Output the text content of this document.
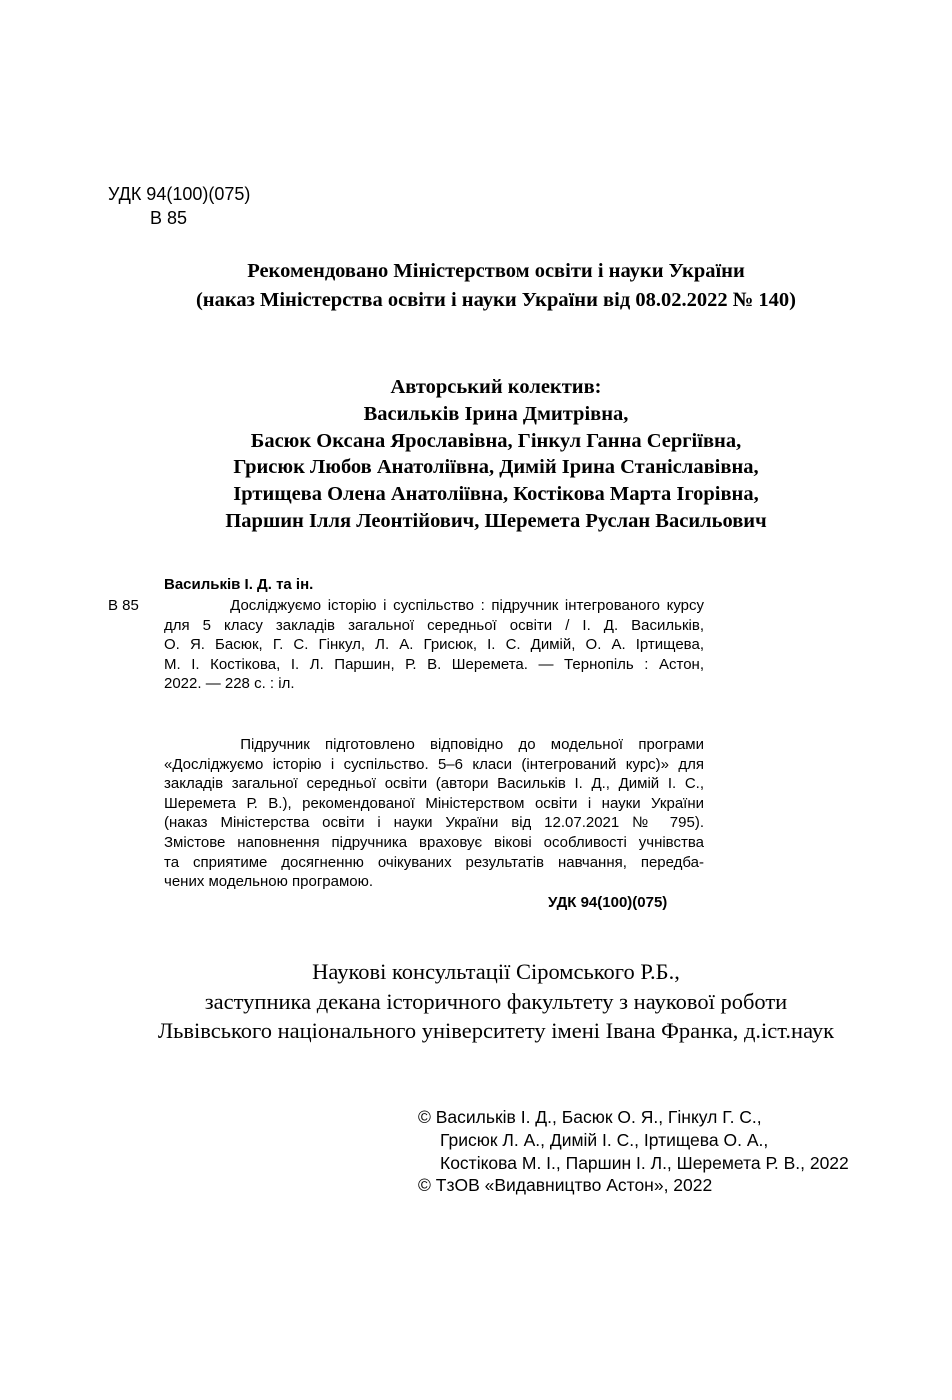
УДК 94(100)(075)
В 85
Рекомендовано Міністерством освіти і науки України
(наказ Міністерства освіти і науки України від 08.02.2022 № 140)
Авторський колектив:
Васильків Ірина Дмитрівна,
Басюк Оксана Ярославівна, Гінкул Ганна Сергіївна,
Грисюк Любов Анатоліївна, Димій Ірина Станіславівна,
Іртищева Олена Анатоліївна, Костікова Марта Ігорівна,
Паршин Ілля Леонтійович, Шеремета Руслан Васильович
Васильків І. Д. та ін.
В 85 Досліджуємо історію і суспільство : підручник інтегрованого курсу
для 5 класу закладів загальної середньої освіти / І. Д. Васильків,
О. Я. Басюк, Г. С. Гінкул, Л. А. Грисюк, І. С. Димій, О. А. Іртищева,
М. І. Костікова, І. Л. Паршин, Р. В. Шеремета. — Тернопіль : Астон,
2022. — 228 с. : іл.
Підручник підготовлено відповідно до модельної програми
«Досліджуємо історію і суспільство. 5–6 класи (інтегрований курс)» для
закладів загальної середньої освіти (автори Васильків І. Д., Димій І. С.,
Шеремета Р. В.), рекомендованої Міністерством освіти і науки України
(наказ Міністерства освіти і науки України від 12.07.2021 № 795).
Змістове наповнення підручника враховує вікові особливості учнівства
та сприятиме досягненню очікуваних результатів навчання, передба-
чених модельною програмою.
УДК 94(100)(075)
Наукові консультації Сіромського Р.Б.,
заступника декана історичного факультету з наукової роботи
Львівського національного університету імені Івана Франка, д.іст.наук
© Васильків І. Д., Басюк О. Я., Гінкул Г. С.,
Грисюк Л. А., Димій І. С., Іртищева О. А.,
Костікова М. І., Паршин І. Л., Шеремета Р. В., 2022
© ТзОВ «Видавництво Астон», 2022
